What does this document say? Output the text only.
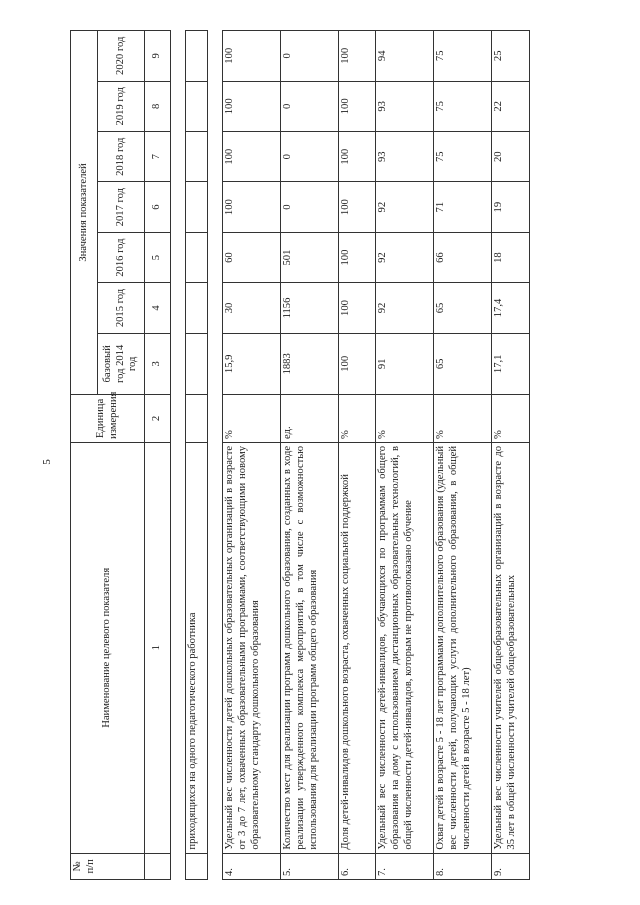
5
№ п/п	Наименование целевого показателя	Единица измерения	Значения показателей						
			базовый год 2014 год	2015 год	2016 год	2017 год	2018 год	2019 год	2020 год
	1	2	3	4	5	6	7	8	9

	приходящихся на одного педагогического работника								

4.	Удельный вес численности детей дошкольных образовательных организаций в возрасте от 3 до 7 лет, охваченных образовательными программами, соответствующими новому образовательному стандарту дошкольного образования	%	15,9	30	60	100	100	100	100
5.	Количество мест для реализации программ дошкольного образования, созданных в ходе реализации утвержденного комплекса мероприятий, в том числе с возможностью использования для реализации программ общего образования	ед.	1883	1156	501	0	0	0	0
6.	Доля детей-инвалидов дошкольного возраста, охваченных социальной поддержкой	%	100	100	100	100	100	100	100
7.	Удельный вес численности детей-инвалидов, обучающихся по программам общего образования на дому с использованием дистанционных образовательных технологий, в общей численности детей-инвалидов, которым не противопоказано обучение	%	91	92	92	92	93	93	94
8.	Охват детей в возрасте 5 - 18 лет программами дополнительного образования (удельный вес численности детей, получающих услуги дополнительного образования, в общей численности детей в возрасте 5 - 18 лет)	%	65	65	66	71	75	75	75
9.	Удельный вес численности учителей общеобразовательных организаций в возрасте до 35 лет в общей численности учителей общеобразовательных	%	17,1	17,4	18	19	20	22	25
